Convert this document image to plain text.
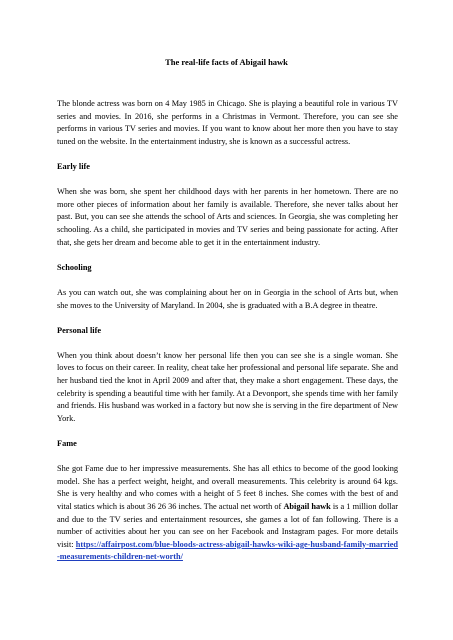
The real-life facts of Abigail hawk

The blonde actress was born on 4 May 1985 in Chicago. She is playing a beautiful role in various TV series and movies. In 2016, she performs in a Christmas in Vermont. Therefore, you can see she performs in various TV series and movies. If you want to know about her more then you have to stay tuned on the website. In the entertainment industry, she is known as a successful actress.

Early life

When she was born, she spent her childhood days with her parents in her hometown. There are no more other pieces of information about her family is available. Therefore, she never talks about her past. But, you can see she attends the school of Arts and sciences. In Georgia, she was completing her schooling. As a child, she participated in movies and TV series and being passionate for acting. After that, she gets her dream and become able to get it in the entertainment industry.

Schooling

As you can watch out, she was complaining about her on in Georgia in the school of Arts but, when she moves to the University of Maryland. In 2004, she is graduated with a B.A degree in theatre.

Personal life

When you think about doesn’t know her personal life then you can see she is a single woman. She loves to focus on their career. In reality, cheat take her professional and personal life separate. She and her husband tied the knot in April 2009 and after that, they make a short engagement. These days, the celebrity is spending a beautiful time with her family. At a Devonport, she spends time with her family and friends. His husband was worked in a factory but now she is serving in the fire department of New York.

Fame

She got Fame due to her impressive measurements. She has all ethics to become of the good looking model. She has a perfect weight, height, and overall measurements. This celebrity is around 64 kgs. She is very healthy and who comes with a height of 5 feet 8 inches. She comes with the best of and vital statics which is about 36 26 36 inches. The actual net worth of Abigail hawk is a 1 million dollar and due to the TV series and entertainment resources, she games a lot of fan following. There is a number of activities about her you can see on her Facebook and Instagram pages. For more details visit: https://affairpost.com/blue-bloods-actress-abigail-hawks-wiki-age-husband-family-married-measurements-children-net-worth/
